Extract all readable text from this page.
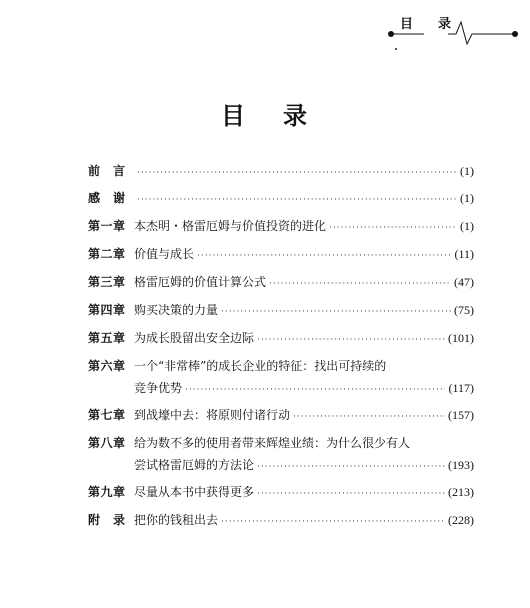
目　录
目录
前　言 ·····	(1)
感　谢 ·····	(1)
第一章 本杰明・格雷厄姆与价值投资的进化 ·····	(1)
第二章 价值与成长 ·····	(11)
第三章 格雷厄姆的价值计算公式 ·····	(47)
第四章 购买决策的力量 ·····	(75)
第五章 为成长股留出安全边际 ·····	(101)
第六章 一个“非常棒”的成长企业的特征：找出可持续的
竞争优势 ·····	(117)
第七章 到战壕中去：将原则付诸行动 ·····	(157)
第八章 给为数不多的使用者带来辉煌业绩：为什么很少有人
尝试格雷厄姆的方法论 ·····	(193)
第九章 尽量从本书中获得更多 ·····	(213)
附　录 把你的钱租出去 ·····	(228)
